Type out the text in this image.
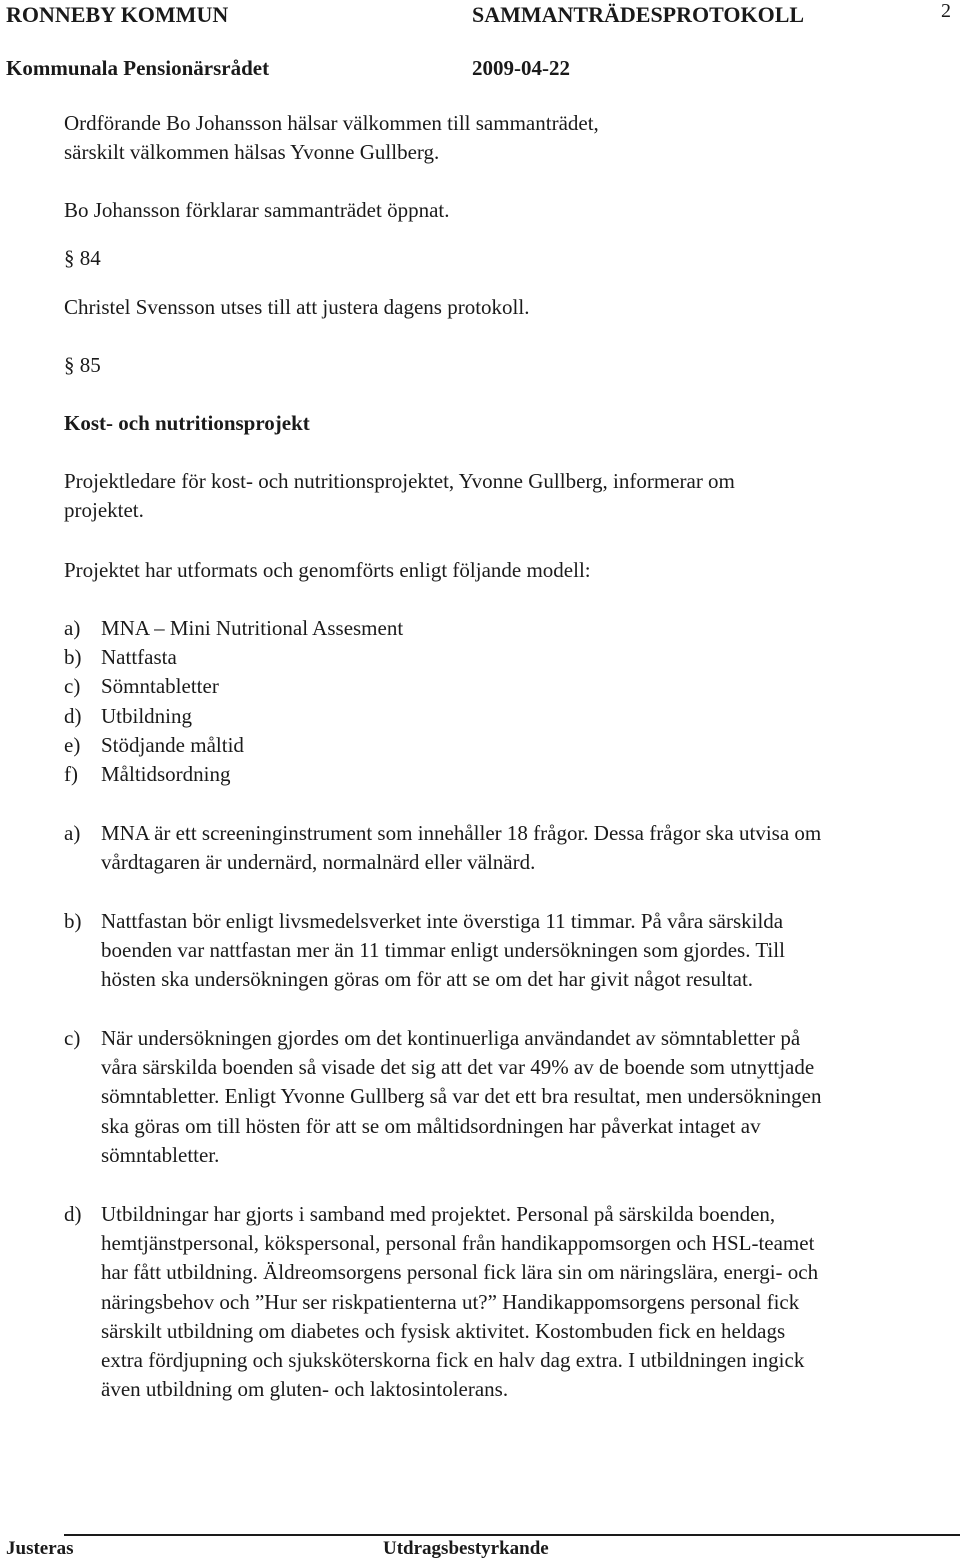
RONNEBY KOMMUN	SAMMANTRÄDESPROTOKOLL	2
Kommunala Pensionärsrådet	2009-04-22
Ordförande Bo Johansson hälsar välkommen till sammanträdet,
särskilt välkommen hälsas Yvonne Gullberg.
Bo Johansson förklarar sammanträdet öppnat.
§ 84
Christel Svensson utses till att justera dagens protokoll.
§ 85
Kost- och nutritionsprojekt
Projektledare för kost- och nutritionsprojektet, Yvonne Gullberg, informerar om
projektet.
Projektet har utformats och genomförts enligt följande modell:
a) MNA – Mini Nutritional Assesment
b) Nattfasta
c) Sömntabletter
d) Utbildning
e) Stödjande måltid
f)	Måltidsordning
a) MNA är ett screeninginstrument som innehåller 18 frågor. Dessa frågor ska utvisa om
vårdtagaren är undernärd, normalnärd eller välnärd.
b) Nattfastan bör enligt livsmedelsverket inte överstiga 11 timmar. På våra särskilda
boenden var nattfastan mer än 11 timmar enligt undersökningen som gjordes. Till
hösten ska undersökningen göras om för att se om det har givit något resultat.
c) När undersökningen gjordes om det kontinuerliga användandet av sömntabletter på
våra särskilda boenden så visade det sig att det var 49% av de boende som utnyttjade
sömntabletter. Enligt Yvonne Gullberg så var det ett bra resultat, men undersökningen
ska göras om till hösten för att se om måltidsordningen har påverkat intaget av
sömntabletter.
d) Utbildningar har gjorts i samband med projektet. Personal på särskilda boenden,
hemtjänstpersonal, kökspersonal, personal från handikappomsorgen och HSL-teamet
har fått utbildning. Äldreomsorgens personal fick lära sin om näringslära, energi- och
näringsbehov och ”Hur ser riskpatienterna ut?” Handikappomsorgens personal fick
särskilt utbildning om diabetes och fysisk aktivitet. Kostombuden fick en heldags
extra fördjupning och sjuksköterskorna fick en halv dag extra. I utbildningen ingick
även utbildning om gluten- och laktosintolerans.
Justeras	Utdragsbestyrkande
